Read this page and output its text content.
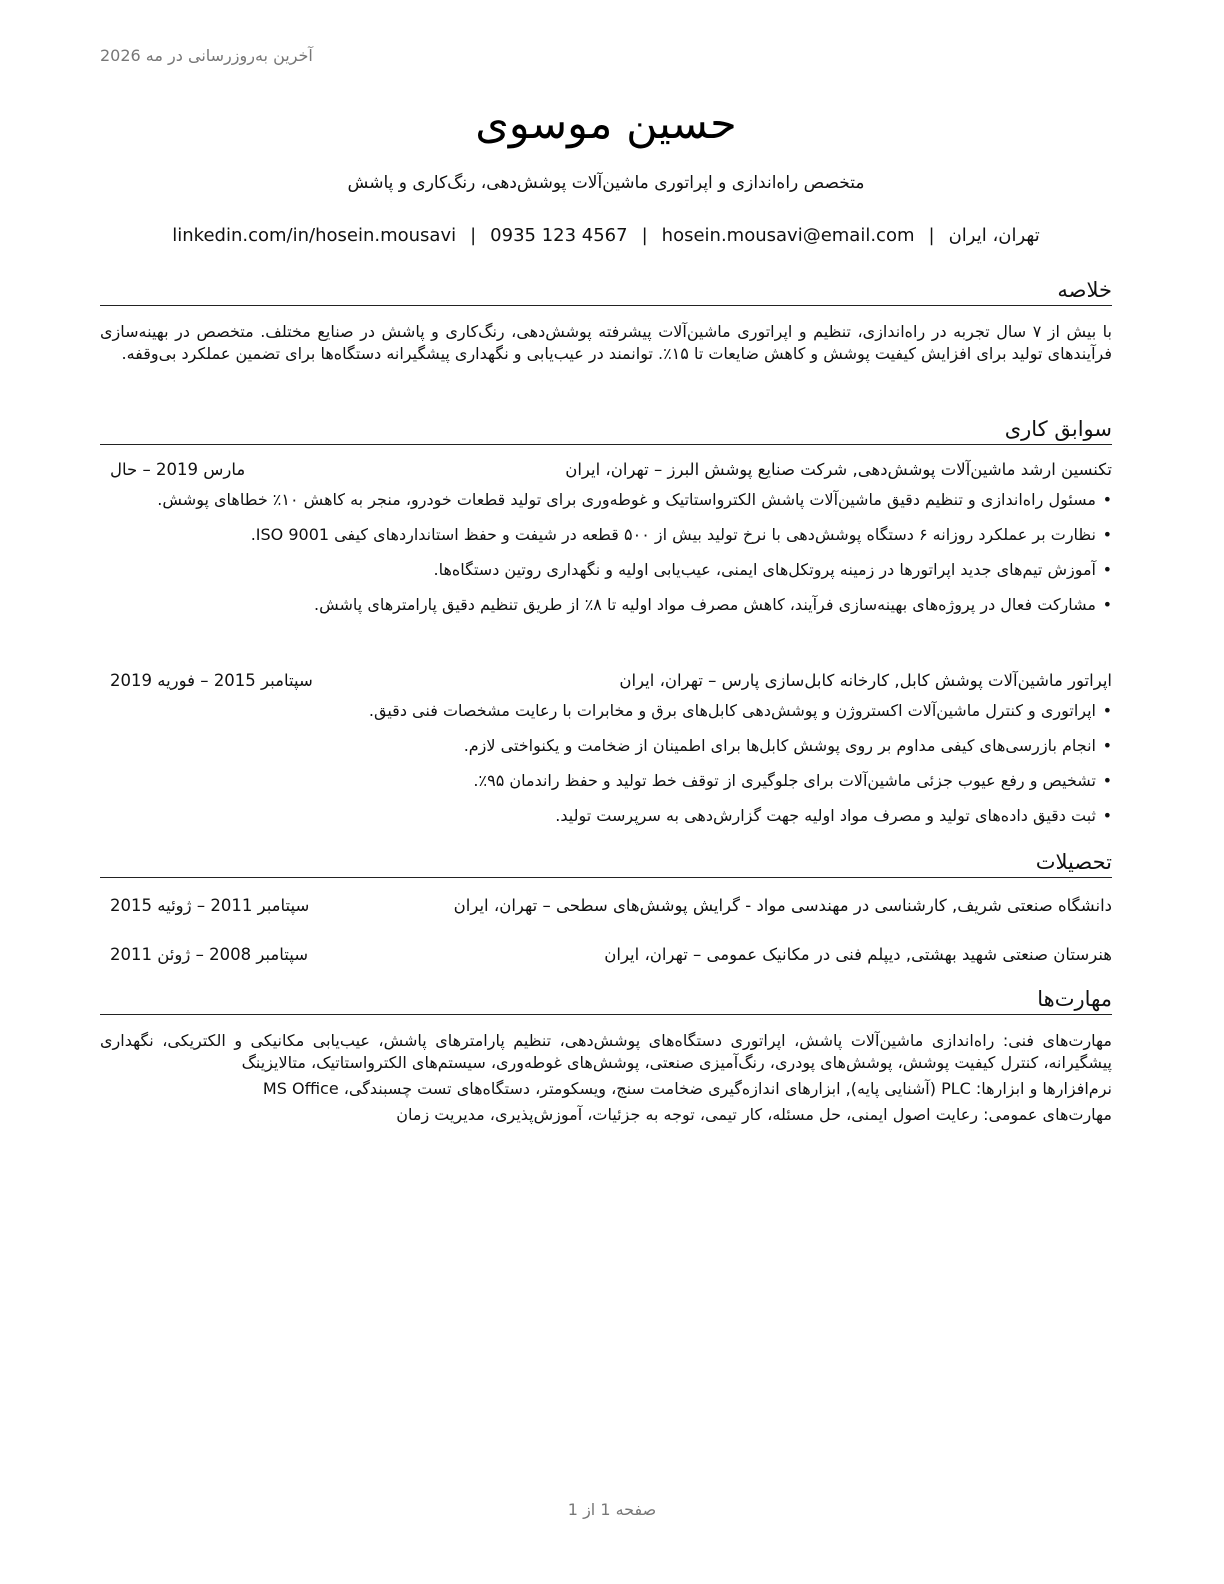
آخرین به‌روزرسانی در مه 2026
حسین موسوی
متخصص راه‌اندازی و اپراتوری ماشین‌آلات پوشش‌دهی، رنگ‌کاری و پاشش
تهران، ایران|hosein.mousavi@email.com|0935 123 4567|linkedin.com/in/hosein.mousavi
خلاصه
با بیش از ۷ سال تجربه در راه‌اندازی، تنظیم و اپراتوری ماشین‌آلات پیشرفته پوشش‌دهی، رنگ‌کاری و پاشش در صنایع مختلف. متخصص در بهینه‌سازی فرآیندهای تولید برای افزایش کیفیت پوشش و کاهش ضایعات تا ۱۵٪. توانمند در عیب‌یابی و نگهداری پیشگیرانه دستگاه‌ها برای تضمین عملکرد بی‌وقفه.
سوابق کاری
تکنسین ارشد ماشین‌آلات پوشش‌دهی, شرکت صنایع پوشش البرز – تهران، ایران
مارس 2019 – حال
• مسئول راه‌اندازی و تنظیم دقیق ماشین‌آلات پاشش الکترواستاتیک و غوطه‌وری برای تولید قطعات خودرو، منجر به کاهش ۱۰٪ خطاهای پوشش.
• نظارت بر عملکرد روزانه ۶ دستگاه پوشش‌دهی با نرخ تولید بیش از ۵۰۰ قطعه در شیفت و حفظ استانداردهای کیفی ISO 9001.
• آموزش تیم‌های جدید اپراتورها در زمینه پروتکل‌های ایمنی، عیب‌یابی اولیه و نگهداری روتین دستگاه‌ها.
• مشارکت فعال در پروژه‌های بهینه‌سازی فرآیند، کاهش مصرف مواد اولیه تا ۸٪ از طریق تنظیم دقیق پارامترهای پاشش.
اپراتور ماشین‌آلات پوشش کابل, کارخانه کابل‌سازی پارس – تهران، ایران
سپتامبر 2015 – فوریه 2019
• اپراتوری و کنترل ماشین‌آلات اکستروژن و پوشش‌دهی کابل‌های برق و مخابرات با رعایت مشخصات فنی دقیق.
• انجام بازرسی‌های کیفی مداوم بر روی پوشش کابل‌ها برای اطمینان از ضخامت و یکنواختی لازم.
• تشخیص و رفع عیوب جزئی ماشین‌آلات برای جلوگیری از توقف خط تولید و حفظ راندمان ۹۵٪.
• ثبت دقیق داده‌های تولید و مصرف مواد اولیه جهت گزارش‌دهی به سرپرست تولید.
تحصیلات
دانشگاه صنعتی شریف, کارشناسی در مهندسی مواد - گرایش پوشش‌های سطحی – تهران، ایران
سپتامبر 2011 – ژوئیه 2015
هنرستان صنعتی شهید بهشتی, دیپلم فنی در مکانیک عمومی – تهران، ایران
سپتامبر 2008 – ژوئن 2011
مهارت‌ها

مهارت‌های فنی: راه‌اندازی ماشین‌آلات پاشش، اپراتوری دستگاه‌های پوشش‌دهی، تنظیم پارامترهای پاشش، عیب‌یابی مکانیکی و الکتریکی، نگهداری پیشگیرانه، کنترل کیفیت پوشش، پوشش‌های پودری، رنگ‌آمیزی صنعتی، پوشش‌های غوطه‌وری، سیستم‌های الکترواستاتیک، متالایزینگ

نرم‌افزارها و ابزارها: PLC (آشنایی پایه), ابزارهای اندازه‌گیری ضخامت سنج، ویسکومتر، دستگاه‌های تست چسبندگی، MS Office

مهارت‌های عمومی: رعایت اصول ایمنی، حل مسئله، کار تیمی، توجه به جزئیات، آموزش‌پذیری، مدیریت زمان

صفحه 1 از 1
